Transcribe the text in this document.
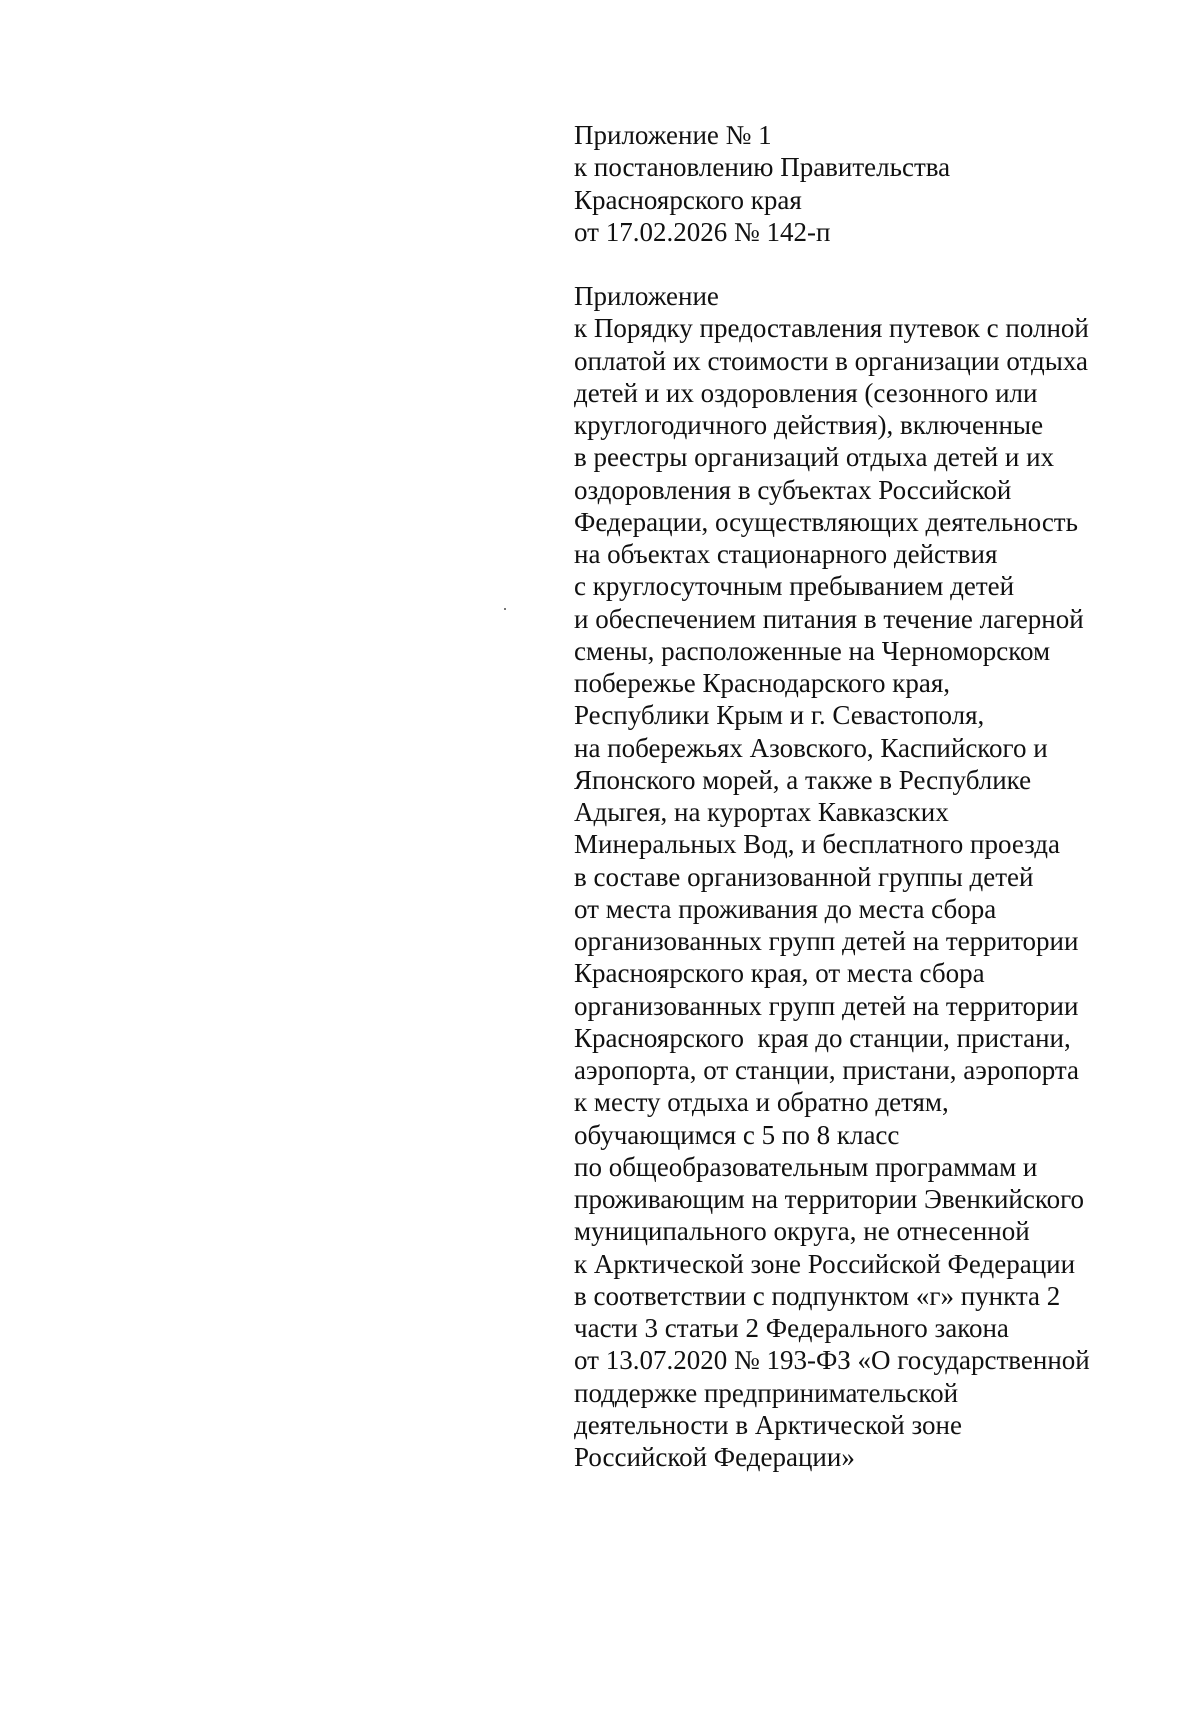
Приложение № 1
к постановлению Правительства
Красноярского края
от 17.02.2026 № 142-п
Приложение
к Порядку предоставления путевок с полной
оплатой их стоимости в организации отдыха
детей и их оздоровления (сезонного или
круглогодичного действия), включенные
в реестры организаций отдыха детей и их
оздоровления в субъектах Российской
Федерации, осуществляющих деятельность
на объектах стационарного действия
с круглосуточным пребыванием детей
и обеспечением питания в течение лагерной
смены, расположенные на Черноморском
побережье Краснодарского края,
Республики Крым и г. Севастополя,
на побережьях Азовского, Каспийского и
Японского морей, а также в Республике
Адыгея, на курортах Кавказских
Минеральных Вод, и бесплатного проезда
в составе организованной группы детей
от места проживания до места сбора
организованных групп детей на территории
Красноярского края, от места сбора
организованных групп детей на территории
Красноярского  края до станции, пристани,
аэропорта, от станции, пристани, аэропорта
к месту отдыха и обратно детям,
обучающимся с 5 по 8 класс
по общеобразовательным программам и
проживающим на территории Эвенкийского
муниципального округа, не отнесенной
к Арктической зоне Российской Федерации
в соответствии с подпунктом «г» пункта 2
части 3 статьи 2 Федерального закона
от 13.07.2020 № 193-ФЗ «О государственной
поддержке предпринимательской
деятельности в Арктической зоне
Российской Федерации»
